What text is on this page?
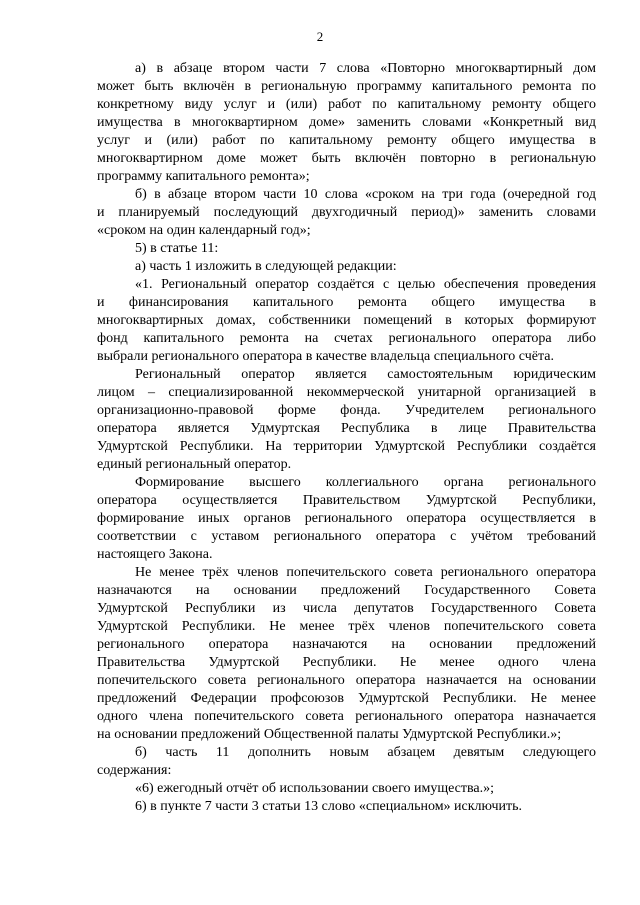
2
а) в абзаце втором части 7 слова «Повторно многоквартирный дом
может быть включён в региональную программу капитального ремонта по
конкретному виду услуг и (или) работ по капитальному ремонту общего
имущества в многоквартирном доме» заменить словами «Конкретный вид
услуг и (или) работ по капитальному ремонту общего имущества в
многоквартирном доме может быть включён повторно в региональную
программу капитального ремонта»;
б) в абзаце втором части 10 слова «сроком на три года (очередной год
и планируемый последующий двухгодичный период)» заменить словами
«сроком на один календарный год»;
5) в статье 11:
а) часть 1 изложить в следующей редакции:
«1. Региональный оператор создаётся с целью обеспечения проведения
и финансирования капитального ремонта общего имущества в
многоквартирных домах, собственники помещений в которых формируют
фонд капитального ремонта на счетах регионального оператора либо
выбрали регионального оператора в качестве владельца специального счёта.
Региональный оператор является самостоятельным юридическим
лицом – специализированной некоммерческой унитарной организацией в
организационно-правовой форме фонда. Учредителем регионального
оператора является Удмуртская Республика в лице Правительства
Удмуртской Республики. На территории Удмуртской Республики создаётся
единый региональный оператор.
Формирование высшего коллегиального органа регионального
оператора осуществляется Правительством Удмуртской Республики,
формирование иных органов регионального оператора осуществляется в
соответствии с уставом регионального оператора с учётом требований
настоящего Закона.
Не менее трёх членов попечительского совета регионального оператора
назначаются на основании предложений Государственного Совета
Удмуртской Республики из числа депутатов Государственного Совета
Удмуртской Республики. Не менее трёх членов попечительского совета
регионального оператора назначаются на основании предложений
Правительства Удмуртской Республики. Не менее одного члена
попечительского совета регионального оператора назначается на основании
предложений Федерации профсоюзов Удмуртской Республики. Не менее
одного члена попечительского совета регионального оператора назначается
на основании предложений Общественной палаты Удмуртской Республики.»;
б) часть 11 дополнить новым абзацем девятым следующего
содержания:
«6) ежегодный отчёт об использовании своего имущества.»;
6) в пункте 7 части 3 статьи 13 слово «специальном» исключить.
